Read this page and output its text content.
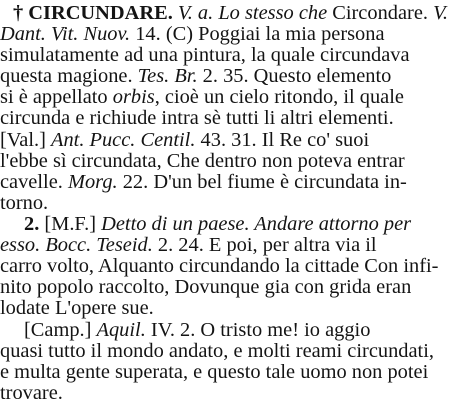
† CIRCUNDARE. V. a. Lo stesso che Circondare. V.
Dant. Vit. Nuov. 14. (C) Poggiai la mia persona
simulatamente ad una pintura, la quale circundava
questa magione. Tes. Br. 2. 35. Questo elemento
si è appellato orbis, cioè un cielo ritondo, il quale
circunda e richiude intra sè tutti li altri elementi.
[Val.] Ant. Pucc. Centil. 43. 31. Il Re co' suoi
l'ebbe sì circundata, Che dentro non poteva entrar
cavelle. Morg. 22. D'un bel fiume è circundata in-
torno.
2. [M.F.] Detto di un paese. Andare attorno per
esso. Bocc. Teseid. 2. 24. E poi, per altra via il
carro volto, Alquanto circundando la cittade Con infi-
nito popolo raccolto, Dovunque gia con grida eran
lodate L'opere sue.
[Camp.] Aquil. IV. 2. O tristo me! io aggio
quasi tutto il mondo andato, e molti reami circundati,
e multa gente superata, e questo tale uomo non potei
trovare.
